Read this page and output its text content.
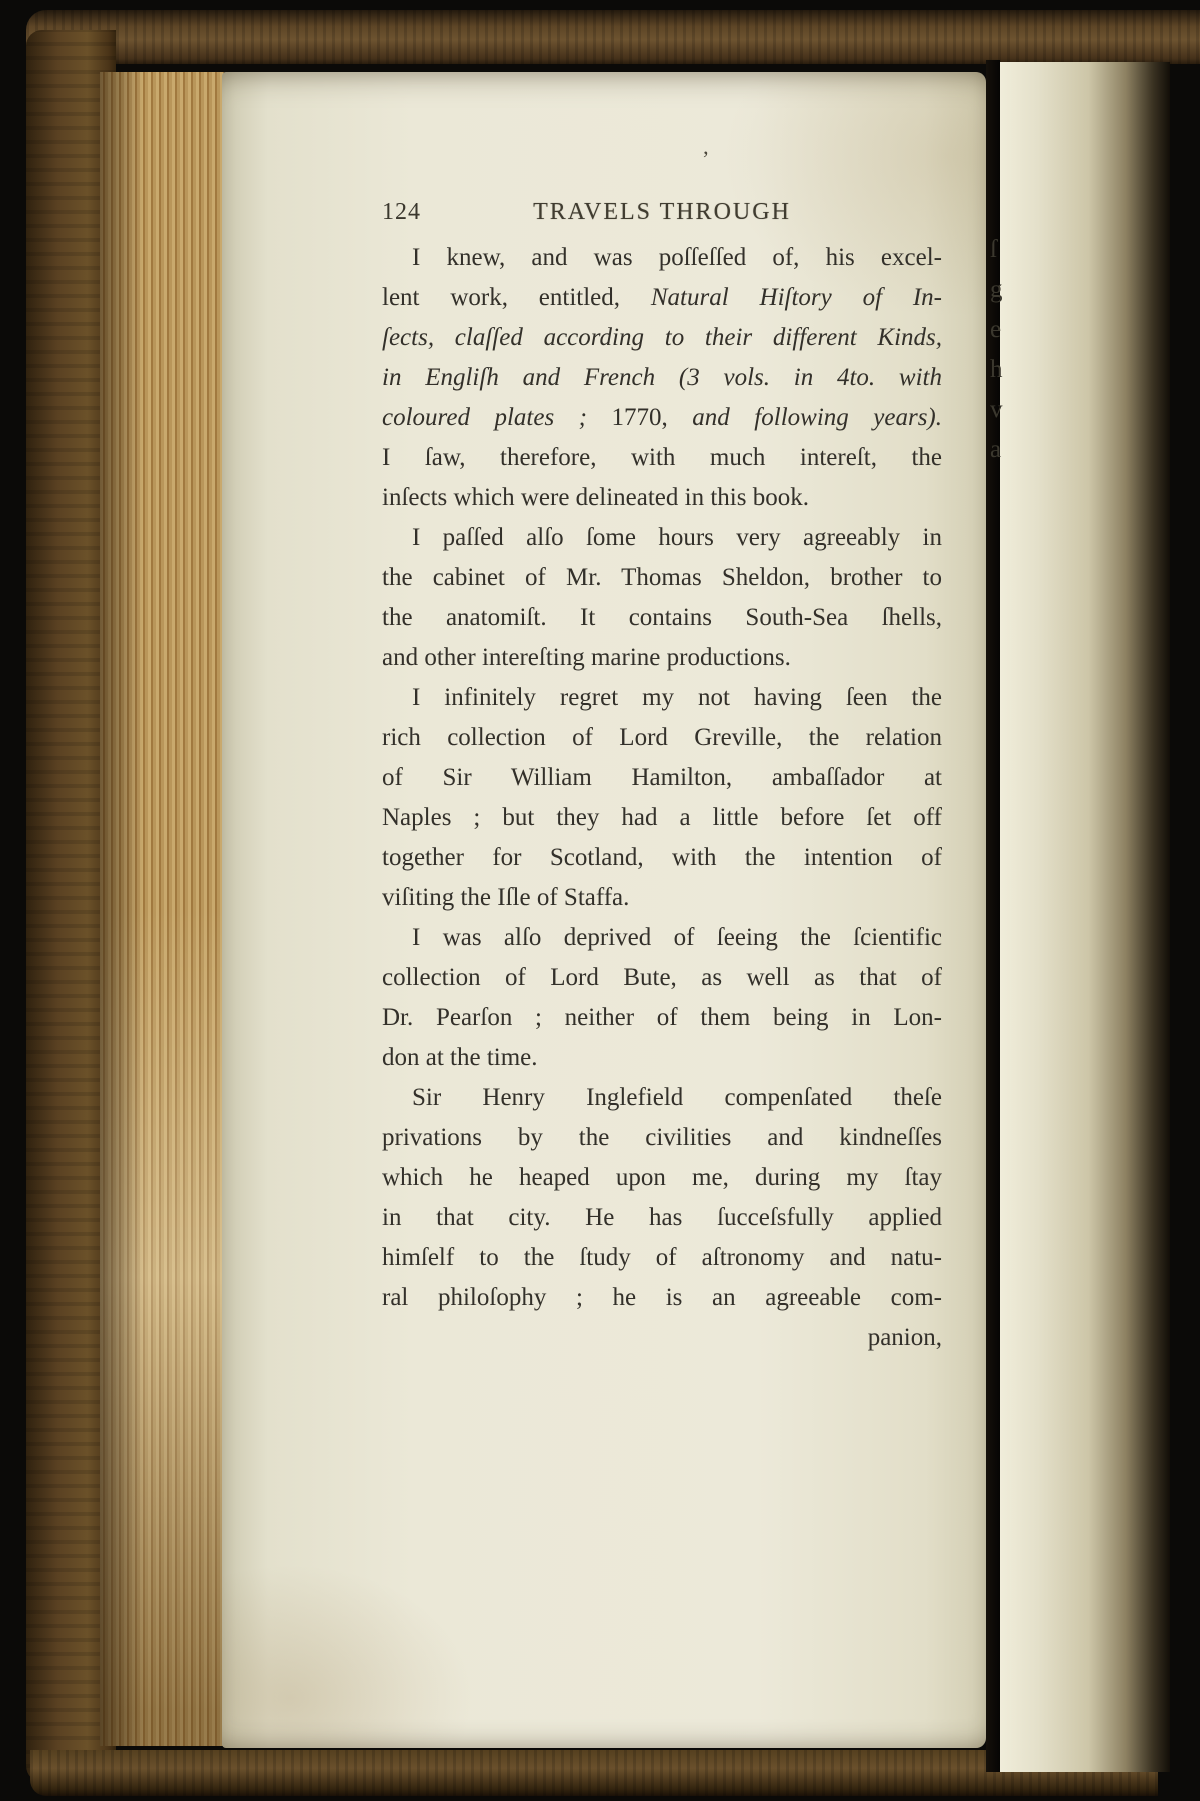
’
124	TRAVELS THROUGH
I knew, and was poſſeſſed of, his excel-
lent work, entitled, Natural Hiſtory of In-
ſects, claſſed according to their different Kinds,
in Engliſh and French (3 vols. in 4to. with
coloured plates ; 1770, and following years).
I ſaw, therefore, with much intereſt, the
inſects which were delineated in this book.
I paſſed alſo ſome hours very agreeably in
the cabinet of Mr. Thomas Sheldon, brother to
the anatomiſt. It contains South-Sea ſhells,
and other intereſting marine productions.
I infinitely regret my not having ſeen the
rich collection of Lord Greville, the relation
of Sir William Hamilton, ambaſſador at
Naples ; but they had a little before ſet off
together for Scotland, with the intention of
viſiting the Iſle of Staffa.
I was alſo deprived of ſeeing the ſcientific
collection of Lord Bute, as well as that of
Dr. Pearſon ; neither of them being in Lon-
don at the time.
Sir Henry Inglefield compenſated theſe
privations by the civilities and kindneſſes
which he heaped upon me, during my ſtay
in that city. He has ſucceſsfully applied
himſelf to the ſtudy of aſtronomy and natu-
ral philoſophy ; he is an agreeable com-
panion,
ſ
g
e
h
v
a
